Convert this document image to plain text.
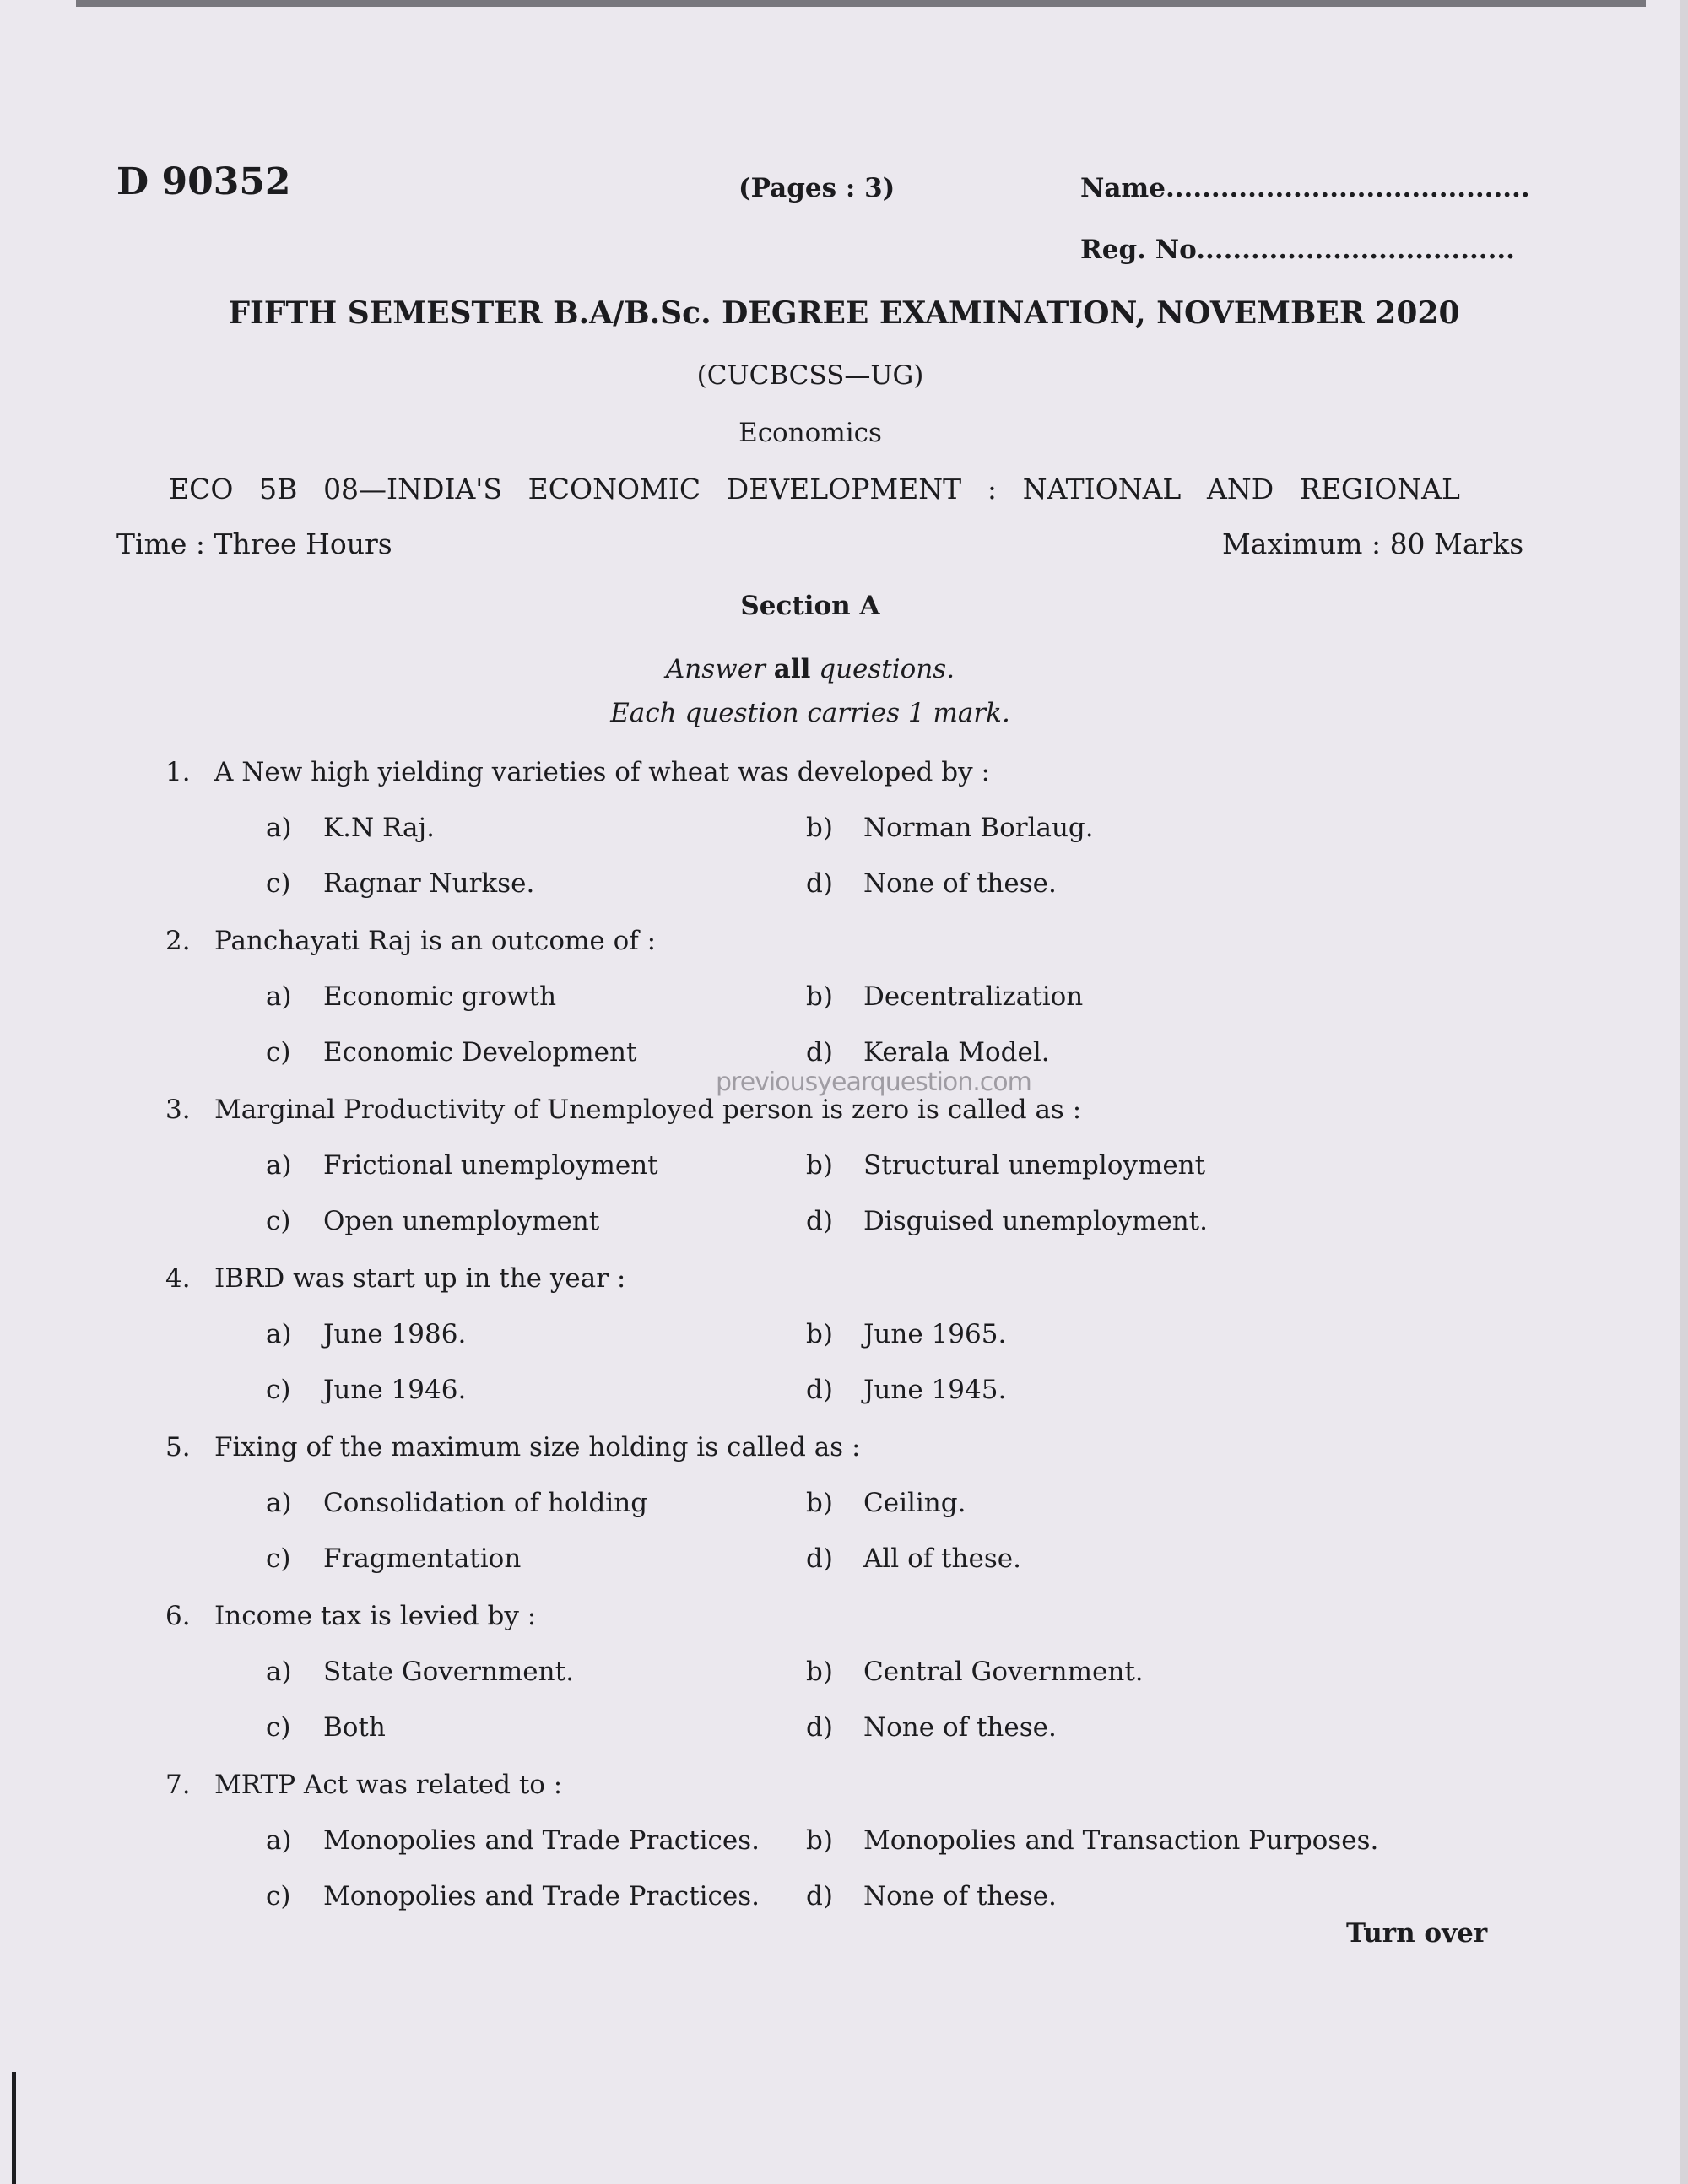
D 90352	(Pages : 3)	Name........................................
Reg. No...................................
FIFTH SEMESTER B.A/B.Sc. DEGREE EXAMINATION, NOVEMBER 2020
(CUCBCSS—UG)
Economics
ECO 5B 08—INDIA'S ECONOMIC DEVELOPMENT : NATIONAL AND REGIONAL
Time : Three Hours	Maximum : 80 Marks
Section A
Answer all questions.
Each question carries 1 mark.
1. A New high yielding varieties of wheat was developed by :
a) K.N Raj.	b) Norman Borlaug.
c) Ragnar Nurkse.	d) None of these.
2. Panchayati Raj is an outcome of :
a) Economic growth	b) Decentralization
c) Economic Development	d) Kerala Model.
3. Marginal Productivity of Unemployed person is zero is called as :
a) Frictional unemployment	b) Structural unemployment
c) Open unemployment	d) Disguised unemployment.
4. IBRD was start up in the year :
a) June 1986.	b) June 1965.
c) June 1946.	d) June 1945.
5. Fixing of the maximum size holding is called as :
a) Consolidation of holding	b) Ceiling.
c) Fragmentation	d) All of these.
6. Income tax is levied by :
a) State Government.	b) Central Government.
c) Both	d) None of these.
7. MRTP Act was related to :
a) Monopolies and Trade Practices. b) Monopolies and Transaction Purposes.
c) Monopolies and Trade Practices. d) None of these.
previousyearquestion.com
Turn over
